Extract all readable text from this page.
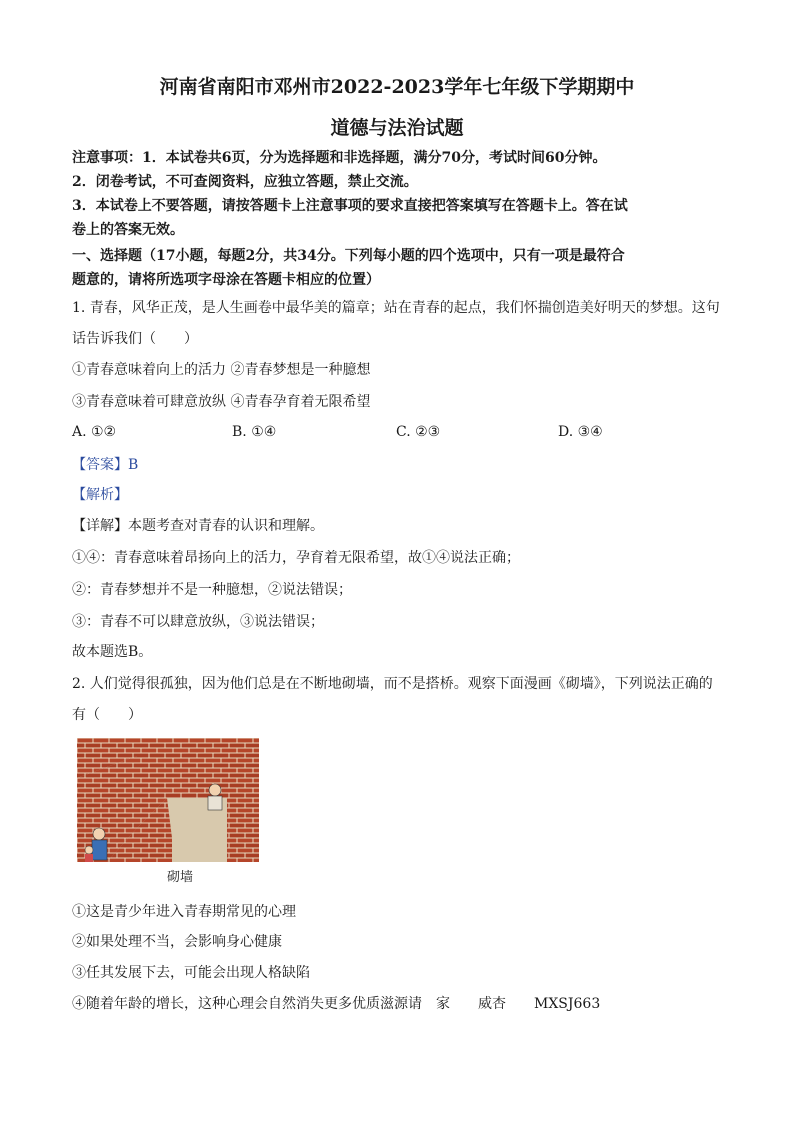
河南省南阳市邓州市2022-2023学年七年级下学期期中
道德与法治试题
注意事项：1．本试卷共6页，分为选择题和非选择题，满分70分，考试时间60分钟。
2．闭卷考试，不可查阅资料，应独立答题，禁止交流。
3．本试卷上不要答题，请按答题卡上注意事项的要求直接把答案填写在答题卡上。答在试
卷上的答案无效。
一、选择题（17小题，每题2分，共34分。下列每小题的四个选项中，只有一项是最符合
题意的，请将所选项字母涂在答题卡相应的位置）
1. 青春，风华正茂，是人生画卷中最华美的篇章；站在青春的起点，我们怀揣创造美好明天的梦想。这句
话告诉我们（　　）
①青春意味着向上的活力 ②青春梦想是一种臆想
③青春意味着可肆意放纵 ④青春孕育着无限希望
A. ①②	B. ①④	C. ②③	D. ③④
【答案】B
【解析】
【详解】本题考查对青春的认识和理解。
①④：青春意味着昂扬向上的活力，孕育着无限希望，故①④说法正确；
②：青春梦想并不是一种臆想，②说法错误；
③：青春不可以肆意放纵，③说法错误；
故本题选B。
2. 人们觉得很孤独，因为他们总是在不断地砌墙，而不是搭桥。观察下面漫画《砌墙》，下列说法正确的
有（　　）
砌墙
①这是青少年进入青春期常见的心理
②如果处理不当，会影响身心健康
③任其发展下去，可能会出现人格缺陷
④随着年龄的增长，这种心理会自然消失更多优质滋源请　家　　威杏　　MXSJ663
